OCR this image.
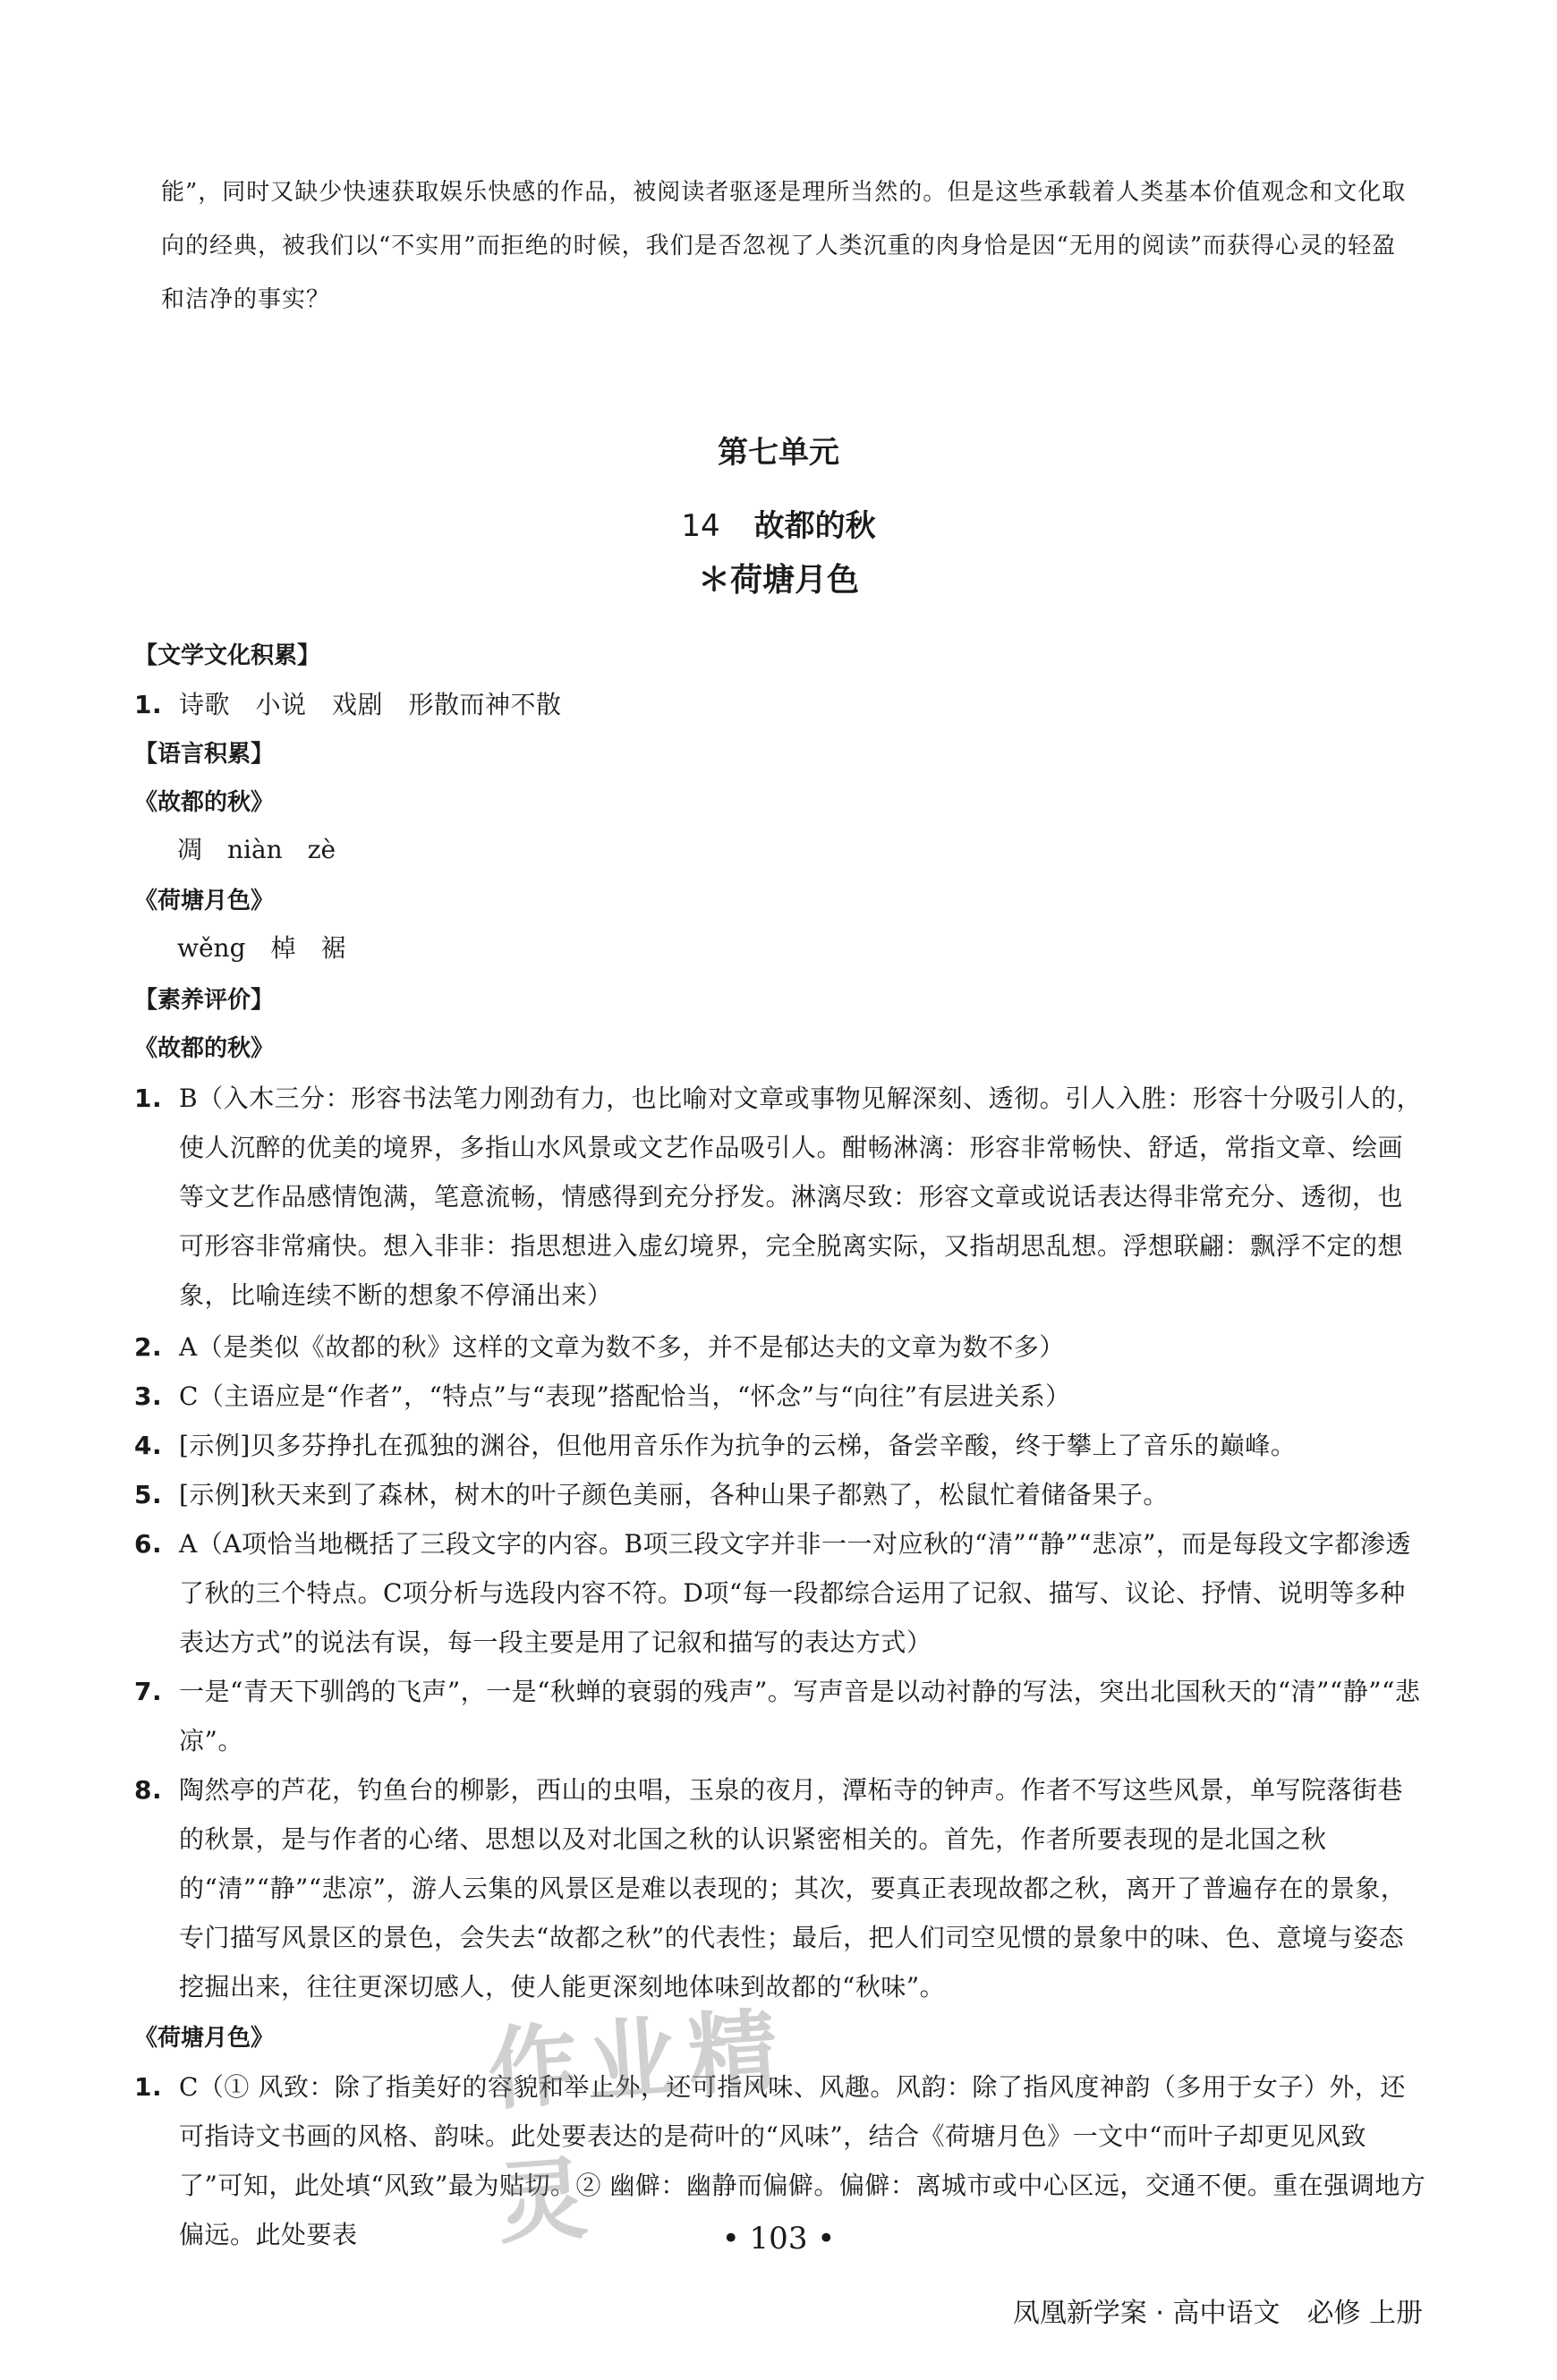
能”，同时又缺少快速获取娱乐快感的作品，被阅读者驱逐是理所当然的。但是这些承载着人类基本价值观念和文化取向的经典，被我们以“不实用”而拒绝的时候，我们是否忽视了人类沉重的肉身恰是因“无用的阅读”而获得心灵的轻盈和洁净的事实？

第七单元
14 故都的秋
＊荷塘月色
【文学文化积累】
1. 诗歌　小说　戏剧　形散而神不散
【语言积累】
《故都的秋》
凋　niàn　zè
《荷塘月色》
wěng　棹　裾
【素养评价】
《故都的秋》
1. B（入木三分：形容书法笔力刚劲有力，也比喻对文章或事物见解深刻、透彻。引人入胜：形容十分吸引人的，使人沉醉的优美的境界，多指山水风景或文艺作品吸引人。酣畅淋漓：形容非常畅快、舒适，常指文章、绘画等文艺作品感情饱满，笔意流畅，情感得到充分抒发。淋漓尽致：形容文章或说话表达得非常充分、透彻，也可形容非常痛快。想入非非：指思想进入虚幻境界，完全脱离实际，又指胡思乱想。浮想联翩：飘浮不定的想象，比喻连续不断的想象不停涌出来）
2. A（是类似《故都的秋》这样的文章为数不多，并不是郁达夫的文章为数不多）
3. C（主语应是“作者”，“特点”与“表现”搭配恰当，“怀念”与“向往”有层进关系）
4. [示例]贝多芬挣扎在孤独的渊谷，但他用音乐作为抗争的云梯，备尝辛酸，终于攀上了音乐的巅峰。
5. [示例]秋天来到了森林，树木的叶子颜色美丽，各种山果子都熟了，松鼠忙着储备果子。
6. A（A项恰当地概括了三段文字的内容。B项三段文字并非一一对应秋的“清”“静”“悲凉”，而是每段文字都渗透了秋的三个特点。C项分析与选段内容不符。D项“每一段都综合运用了记叙、描写、议论、抒情、说明等多种表达方式”的说法有误，每一段主要是用了记叙和描写的表达方式）
7. 一是“青天下驯鸽的飞声”，一是“秋蝉的衰弱的残声”。写声音是以动衬静的写法，突出北国秋天的“清”“静”“悲凉”。
8. 陶然亭的芦花，钓鱼台的柳影，西山的虫唱，玉泉的夜月，潭柘寺的钟声。作者不写这些风景，单写院落街巷的秋景，是与作者的心绪、思想以及对北国之秋的认识紧密相关的。首先，作者所要表现的是北国之秋的“清”“静”“悲凉”，游人云集的风景区是难以表现的；其次，要真正表现故都之秋，离开了普遍存在的景象，专门描写风景区的景色，会失去“故都之秋”的代表性；最后，把人们司空见惯的景象中的味、色、意境与姿态挖掘出来，往往更深切感人，使人能更深刻地体味到故都的“秋味”。
《荷塘月色》
1. C（① 风致：除了指美好的容貌和举止外，还可指风味、风趣。风韵：除了指风度神韵（多用于女子）外，还可指诗文书画的风格、韵味。此处要表达的是荷叶的“风味”，结合《荷塘月色》一文中“而叶子却更见风致了”可知，此处填“风致”最为贴切。② 幽僻：幽静而偏僻。偏僻：离城市或中心区远，交通不便。重在强调地方偏远。此处要表
作业精灵	• 103 •
凤凰新学案 · 高中语文　必修 上册
